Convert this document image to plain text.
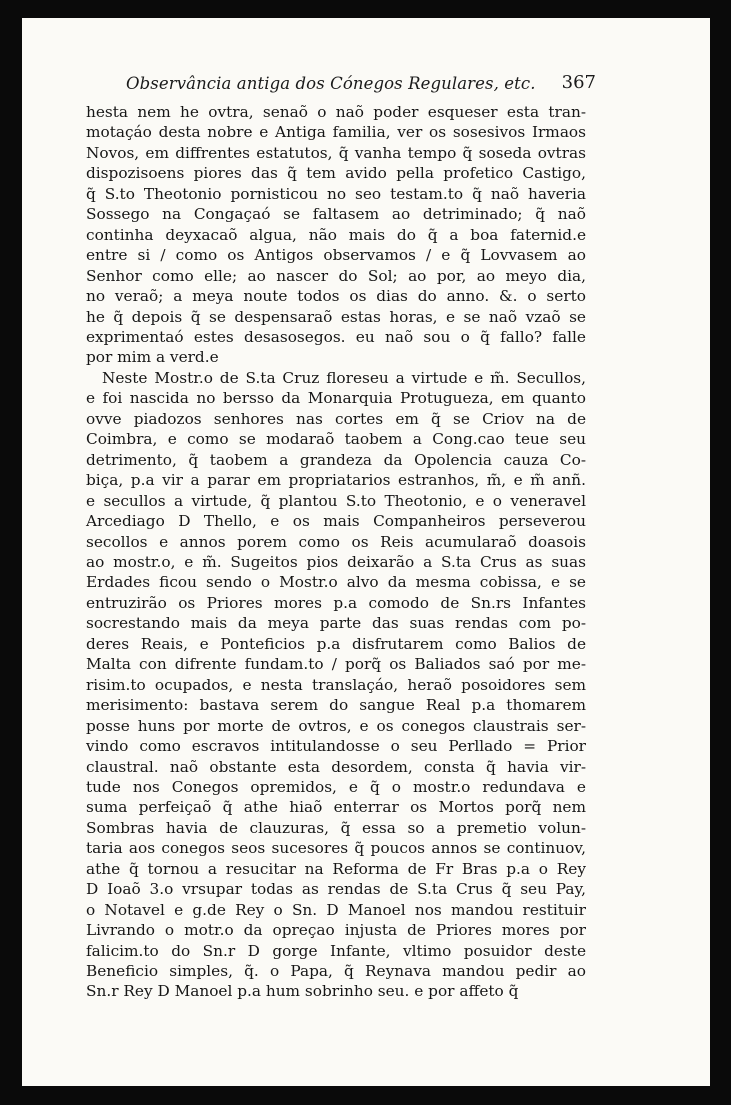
Observância antiga dos Cónegos Regulares, etc. 367
hesta nem he ovtra, senaõ o naõ poder esqueser esta tran-
motaçáo desta nobre e Antiga familia, ver os sosesivos Irmaos
Novos, em diffrentes estatutos, q̃ vanha tempo q̃ soseda ovtras
dispozisoens piores das q̃ tem avido pella profetico Castigo,
q̃ S.to Theotonio pornisticou no seo testam.to q̃ naõ haveria
Sossego na Congaçaó se faltasem ao detriminado; q̃ naõ
continha deyxacaõ algua, não mais do q̃ a boa faternid.e
entre si / como os Antigos observamos / e q̃ Lovvasem ao
Senhor como elle; ao nascer do Sol; ao por, ao meyo dia,
no veraõ; a meya noute todos os dias do anno. &. o serto
he q̃ depois q̃ se despensaraõ estas horas, e se naõ vzaõ se
exprimentaó estes desasosegos. eu naõ sou o q̃ fallo? falle
por mim a verd.e
Neste Mostr.o de S.ta Cruz floreseu a virtude e m̃. Secullos,
e foi nascida no bersso da Monarquia Protugueza, em quanto
ovve piadozos senhores nas cortes em q̃ se Criov na de
Coimbra, e como se modaraõ taobem a Cong.cao teue seu
detrimento, q̃ taobem a grandeza da Opolencia cauza Co-
biça, p.a vir a parar em propriatarios estranhos, m̃, e m̃ anñ.
e secullos a virtude, q̃ plantou S.to Theotonio, e o veneravel
Arcediago D Thello, e os mais Companheiros perseverou
secollos e annos porem como os Reis acumularaõ doasois
ao mostr.o, e m̃. Sugeitos pios deixarão a S.ta Crus as suas
Erdades ficou sendo o Mostr.o alvo da mesma cobissa, e se
entruzirão os Priores mores p.a comodo de Sn.rs Infantes
socrestando mais da meya parte das suas rendas com po-
deres Reais, e Ponteficios p.a disfrutarem como Balios de
Malta con difrente fundam.to / porq̃ os Baliados saó por me-
risim.to ocupados, e nesta translaçáo, heraõ posoidores sem
merisimento: bastava serem do sangue Real p.a thomarem
posse huns por morte de ovtros, e os conegos claustrais ser-
vindo como escravos intitulandosse o seu Perllado = Prior
claustral. naõ obstante esta desordem, consta q̃ havia vir-
tude nos Conegos opremidos, e q̃ o mostr.o redundava e
suma perfeiçaõ q̃ athe hiaõ enterrar os Mortos porq̃ nem
Sombras havia de clauzuras, q̃ essa so a premetio volun-
taria aos conegos seos sucesores q̃ poucos annos se continuov,
athe q̃ tornou a resucitar na Reforma de Fr Bras p.a o Rey
D Ioaõ 3.o vrsupar todas as rendas de S.ta Crus q̃ seu Pay,
o Notavel e g.de Rey o Sn. D Manoel nos mandou restituir
Livrando o motr.o da opreçao injusta de Priores mores por
falicim.to do Sn.r D gorge Infante, vltimo posuidor deste
Beneficio simples, q̃. o Papa, q̃ Reynava mandou pedir ao
Sn.r Rey D Manoel p.a hum sobrinho seu. e por affeto q̃
